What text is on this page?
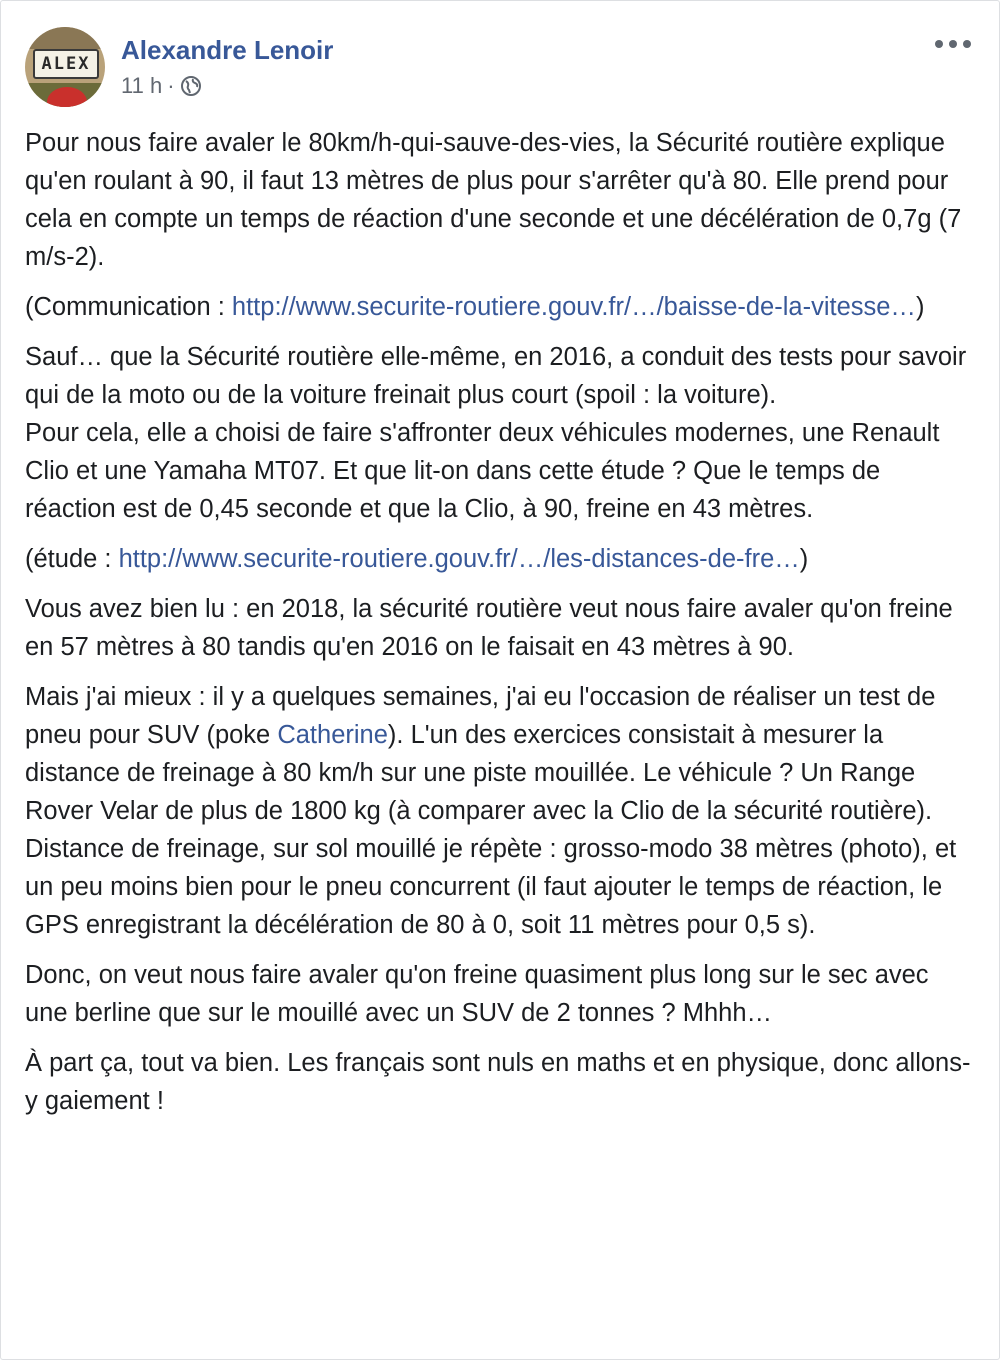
ALEX Alexandre Lenoir
11 h ·

Pour nous faire avaler le 80km/h-qui-sauve-des-vies, la Sécurité routière explique qu'en roulant à 90, il faut 13 mètres de plus pour s'arrêter qu'à 80. Elle prend pour cela en compte un temps de réaction d'une seconde et une décélération de 0,7g (7 m/s-2).

(Communication : http://www.securite-routiere.gouv.fr/…/baisse-de-la-vitesse…)

Sauf… que la Sécurité routière elle-même, en 2016, a conduit des tests pour savoir qui de la moto ou de la voiture freinait plus court (spoil : la voiture).
Pour cela, elle a choisi de faire s'affronter deux véhicules modernes, une Renault Clio et une Yamaha MT07. Et que lit-on dans cette étude ? Que le temps de réaction est de 0,45 seconde et que la Clio, à 90, freine en 43 mètres.

(étude : http://www.securite-routiere.gouv.fr/…/les-distances-de-fre…)

Vous avez bien lu : en 2018, la sécurité routière veut nous faire avaler qu'on freine en 57 mètres à 80 tandis qu'en 2016 on le faisait en 43 mètres à 90.

Mais j'ai mieux : il y a quelques semaines, j'ai eu l'occasion de réaliser un test de pneu pour SUV (poke Catherine). L'un des exercices consistait à mesurer la distance de freinage à 80 km/h sur une piste mouillée. Le véhicule ? Un Range Rover Velar de plus de 1800 kg (à comparer avec la Clio de la sécurité routière). Distance de freinage, sur sol mouillé je répète : grosso-modo 38 mètres (photo), et un peu moins bien pour le pneu concurrent (il faut ajouter le temps de réaction, le GPS enregistrant la décélération de 80 à 0, soit 11 mètres pour 0,5 s).

Donc, on veut nous faire avaler qu'on freine quasiment plus long sur le sec avec une berline que sur le mouillé avec un SUV de 2 tonnes ? Mhhh…

À part ça, tout va bien. Les français sont nuls en maths et en physique, donc allons-y gaiement !
